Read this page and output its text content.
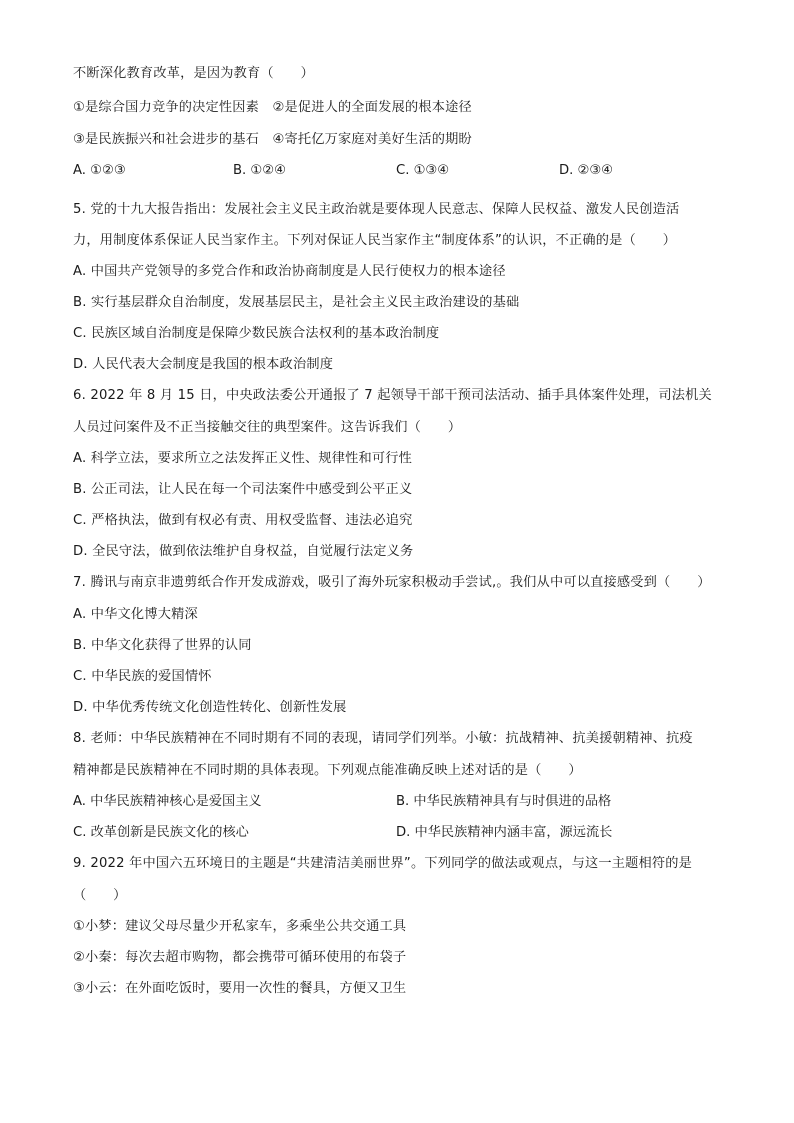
不断深化教育改革，是因为教育（　　）
①是综合国力竞争的决定性因素　②是促进人的全面发展的根本途径
③是民族振兴和社会进步的基石　④寄托亿万家庭对美好生活的期盼
A. ①②③	B. ①②④	C. ①③④	D. ②③④
5. 党的十九大报告指出：发展社会主义民主政治就是要体现人民意志、保障人民权益、激发人民创造活
力，用制度体系保证人民当家作主。下列对保证人民当家作主“制度体系”的认识，不正确的是（　　）
A. 中国共产党领导的多党合作和政治协商制度是人民行使权力的根本途径
B. 实行基层群众自治制度，发展基层民主，是社会主义民主政治建设的基础
C. 民族区域自治制度是保障少数民族合法权利的基本政治制度
D. 人民代表大会制度是我国的根本政治制度
6. 2022 年 8 月 15 日，中央政法委公开通报了 7 起领导干部干预司法活动、插手具体案件处理，司法机关
人员过问案件及不正当接触交往的典型案件。这告诉我们（　　）
A. 科学立法，要求所立之法发挥正义性、规律性和可行性
B. 公正司法，让人民在每一个司法案件中感受到公平正义
C. 严格执法，做到有权必有责、用权受监督、违法必追究
D. 全民守法，做到依法维护自身权益，自觉履行法定义务
7. 腾讯与南京非遗剪纸合作开发成游戏，吸引了海外玩家积极动手尝试,。我们从中可以直接感受到（　　）
A. 中华文化博大精深
B. 中华文化获得了世界的认同
C. 中华民族的爱国情怀
D. 中华优秀传统文化创造性转化、创新性发展
8. 老师：中华民族精神在不同时期有不同的表现，请同学们列举。小敏：抗战精神、抗美援朝精神、抗疫
精神都是民族精神在不同时期的具体表现。下列观点能准确反映上述对话的是（　　）
A. 中华民族精神核心是爱国主义	B. 中华民族精神具有与时俱进的品格
C. 改革创新是民族文化的核心	D. 中华民族精神内涵丰富，源远流长
9. 2022 年中国六五环境日的主题是“共建清洁美丽世界”。下列同学的做法或观点，与这一主题相符的是
（　　）
①小梦：建议父母尽量少开私家车，多乘坐公共交通工具
②小秦：每次去超市购物，都会携带可循环使用的布袋子
③小云：在外面吃饭时，要用一次性的餐具，方便又卫生
